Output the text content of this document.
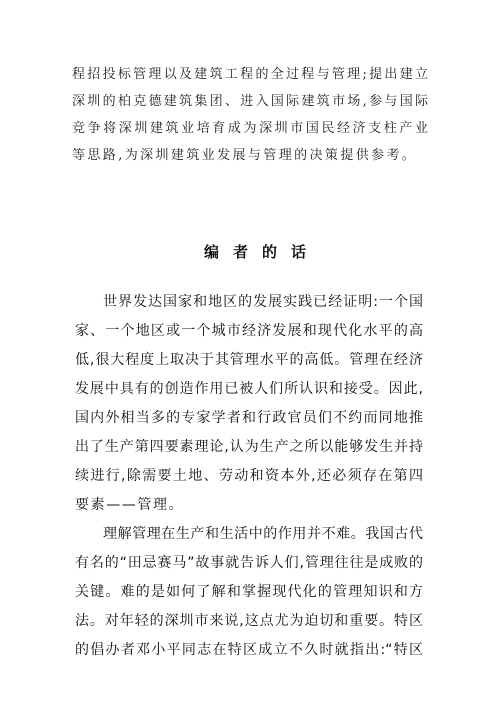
程招投标管理以及建筑工程的全过程与管理;提出建立
深圳的柏克德建筑集团、进入国际建筑市场,参与国际
竞争将深圳建筑业培育成为深圳市国民经济支柱产业
等思路,为深圳建筑业发展与管理的决策提供参考。
编者的话
世界发达国家和地区的发展实践已经证明:一个国
家、一个地区或一个城市经济发展和现代化水平的高
低,很大程度上取决于其管理水平的高低。管理在经济
发展中具有的创造作用已被人们所认识和接受。因此,
国内外相当多的专家学者和行政官员们不约而同地推
出了生产第四要素理论,认为生产之所以能够发生并持
续进行,除需要土地、劳动和资本外,还必须存在第四
要素——管理。
理解管理在生产和生活中的作用并不难。我国古代
有名的“田忌赛马”故事就告诉人们,管理往往是成败的
关键。难的是如何了解和掌握现代化的管理知识和方
法。对年轻的深圳市来说,这点尤为迫切和重要。特区
的倡办者邓小平同志在特区成立不久时就指出:“特区
